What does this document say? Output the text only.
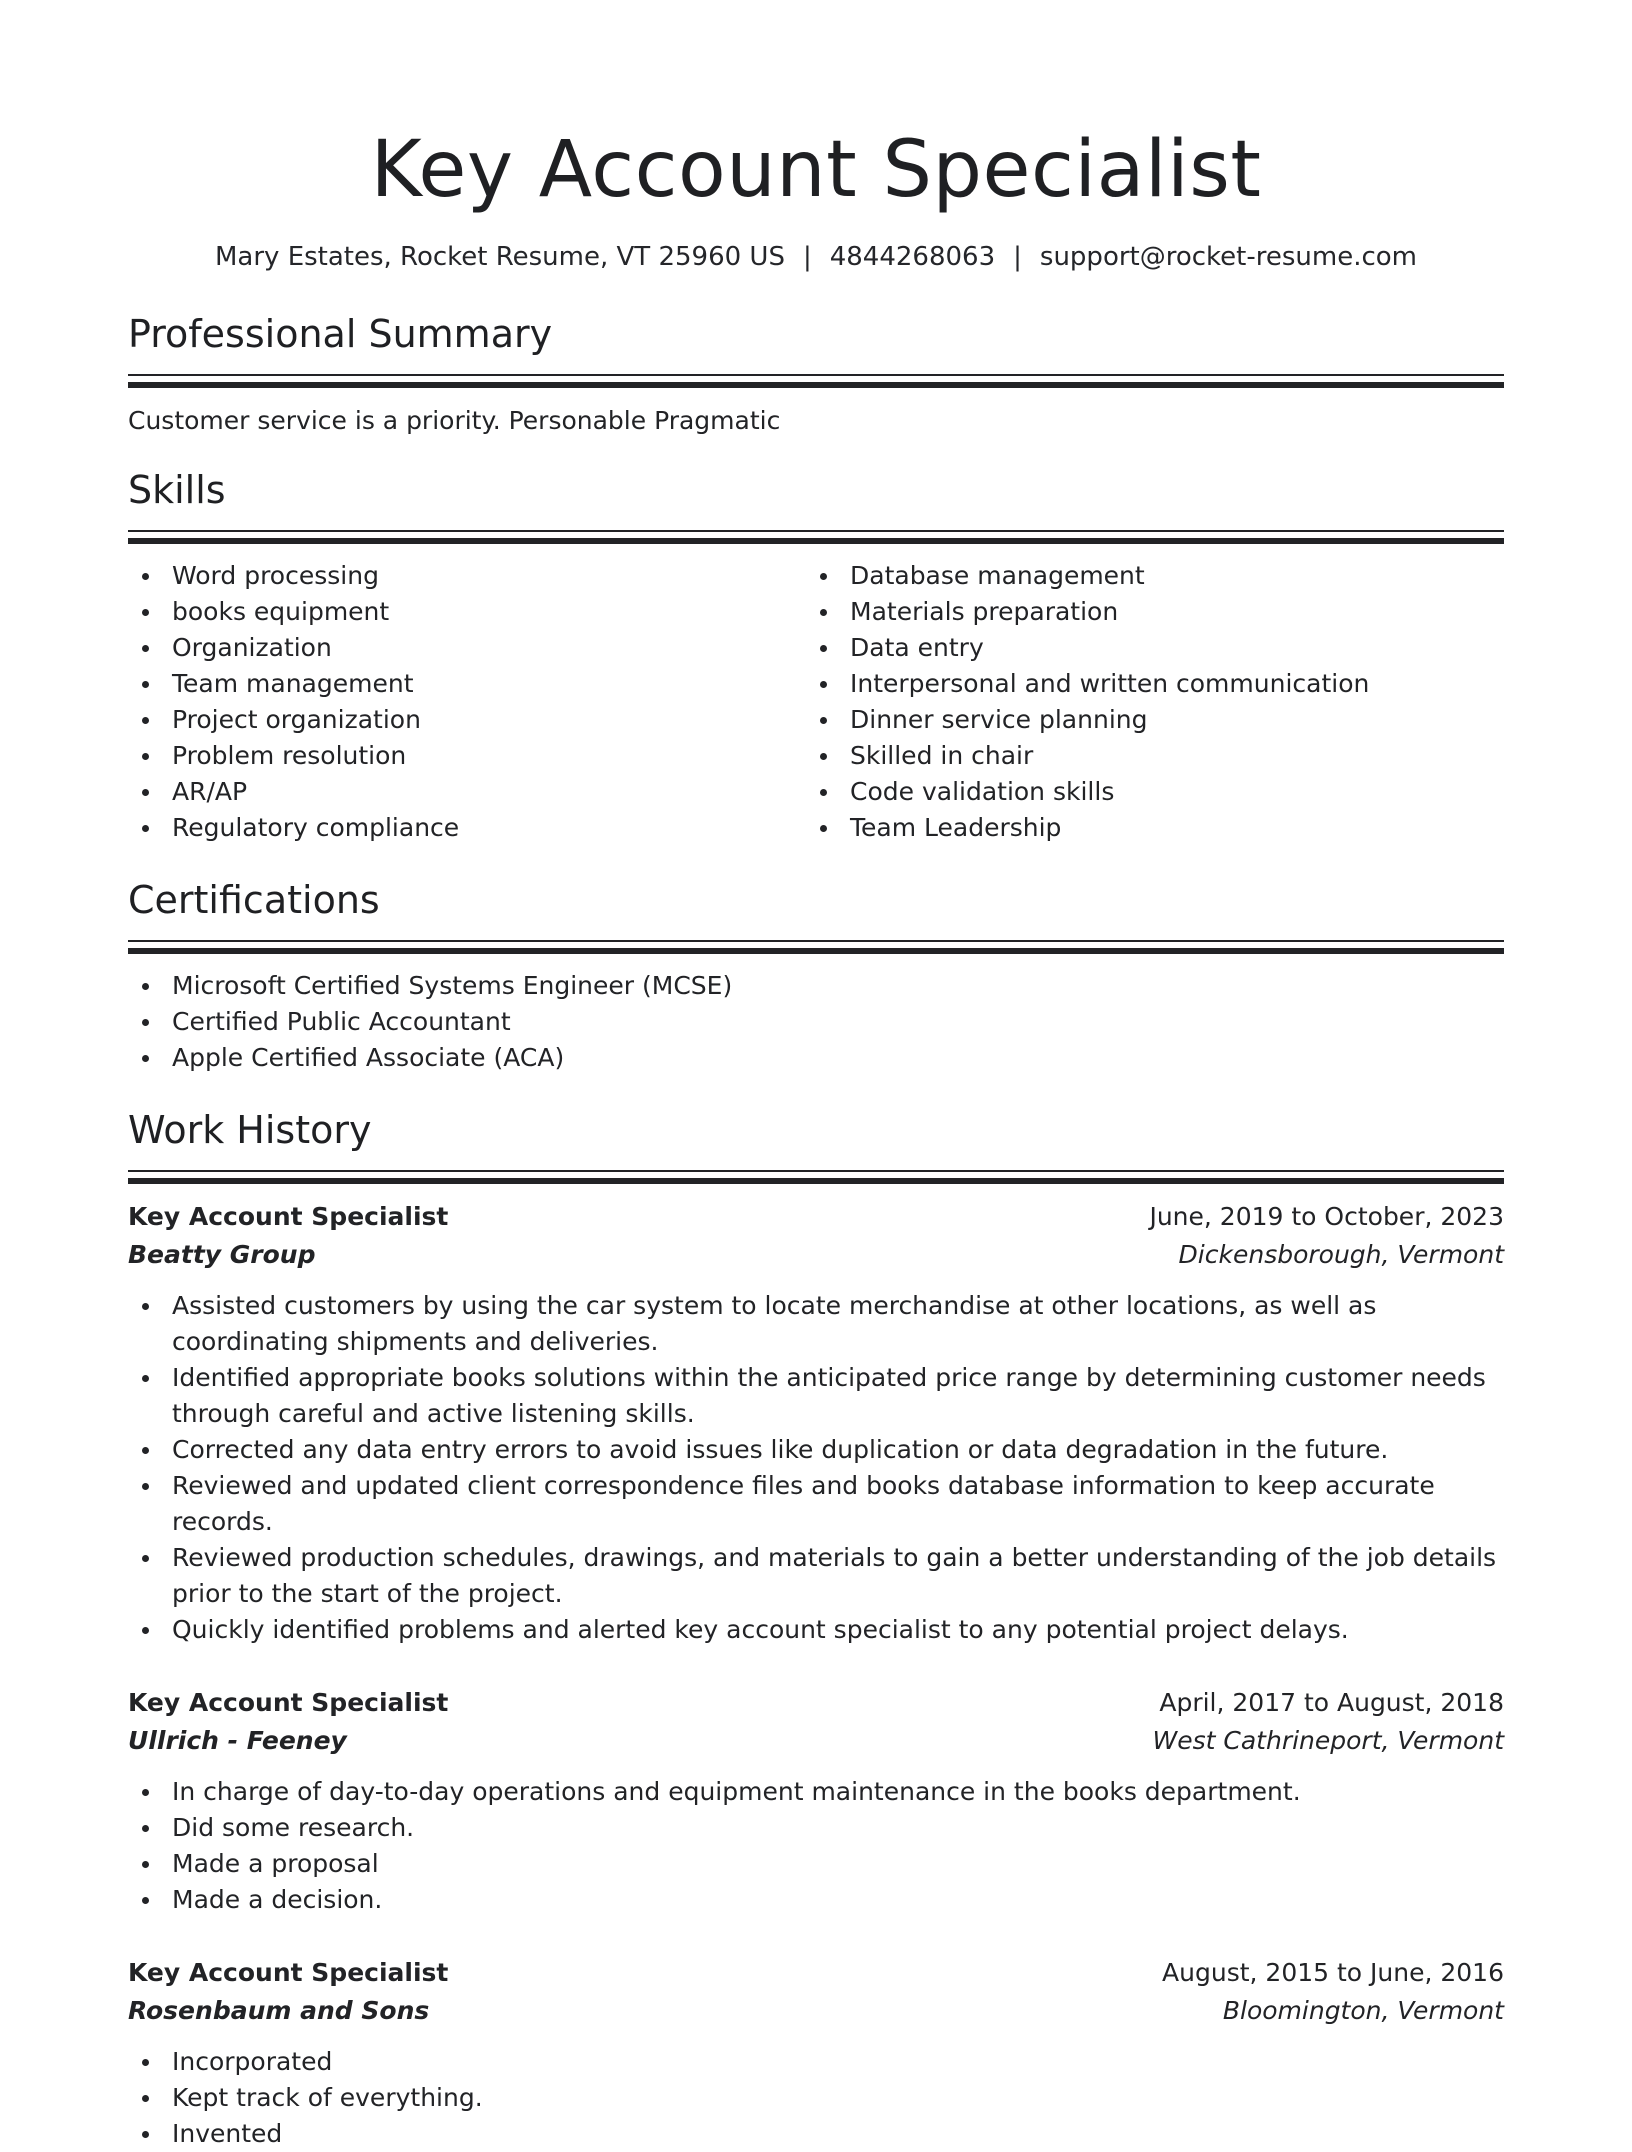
Key Account Specialist
Mary Estates, Rocket Resume, VT 25960 US | 4844268063 | support@rocket-resume.com
Professional Summary
Customer service is a priority. Personable Pragmatic
Skills
Word processing
books equipment
Organization
Team management
Project organization
Problem resolution
AR/AP
Regulatory compliance
Database management
Materials preparation
Data entry
Interpersonal and written communication
Dinner service planning
Skilled in chair
Code validation skills
Team Leadership
Certifications
Microsoft Certified Systems Engineer (MCSE)
Certified Public Accountant
Apple Certified Associate (ACA)
Work History
Key Account Specialist	June, 2019 to October, 2023
Beatty Group	Dickensborough, Vermont
Assisted customers by using the car system to locate merchandise at other locations, as well as coordinating shipments and deliveries.
Identified appropriate books solutions within the anticipated price range by determining customer needs through careful and active listening skills.
Corrected any data entry errors to avoid issues like duplication or data degradation in the future.
Reviewed and updated client correspondence files and books database information to keep accurate records.
Reviewed production schedules, drawings, and materials to gain a better understanding of the job details prior to the start of the project.
Quickly identified problems and alerted key account specialist to any potential project delays.
Key Account Specialist	April, 2017 to August, 2018
Ullrich - Feeney	West Cathrineport, Vermont
In charge of day-to-day operations and equipment maintenance in the books department.
Did some research.
Made a proposal
Made a decision.
Key Account Specialist	August, 2015 to June, 2016
Rosenbaum and Sons	Bloomington, Vermont
Incorporated
Kept track of everything.
Invented
